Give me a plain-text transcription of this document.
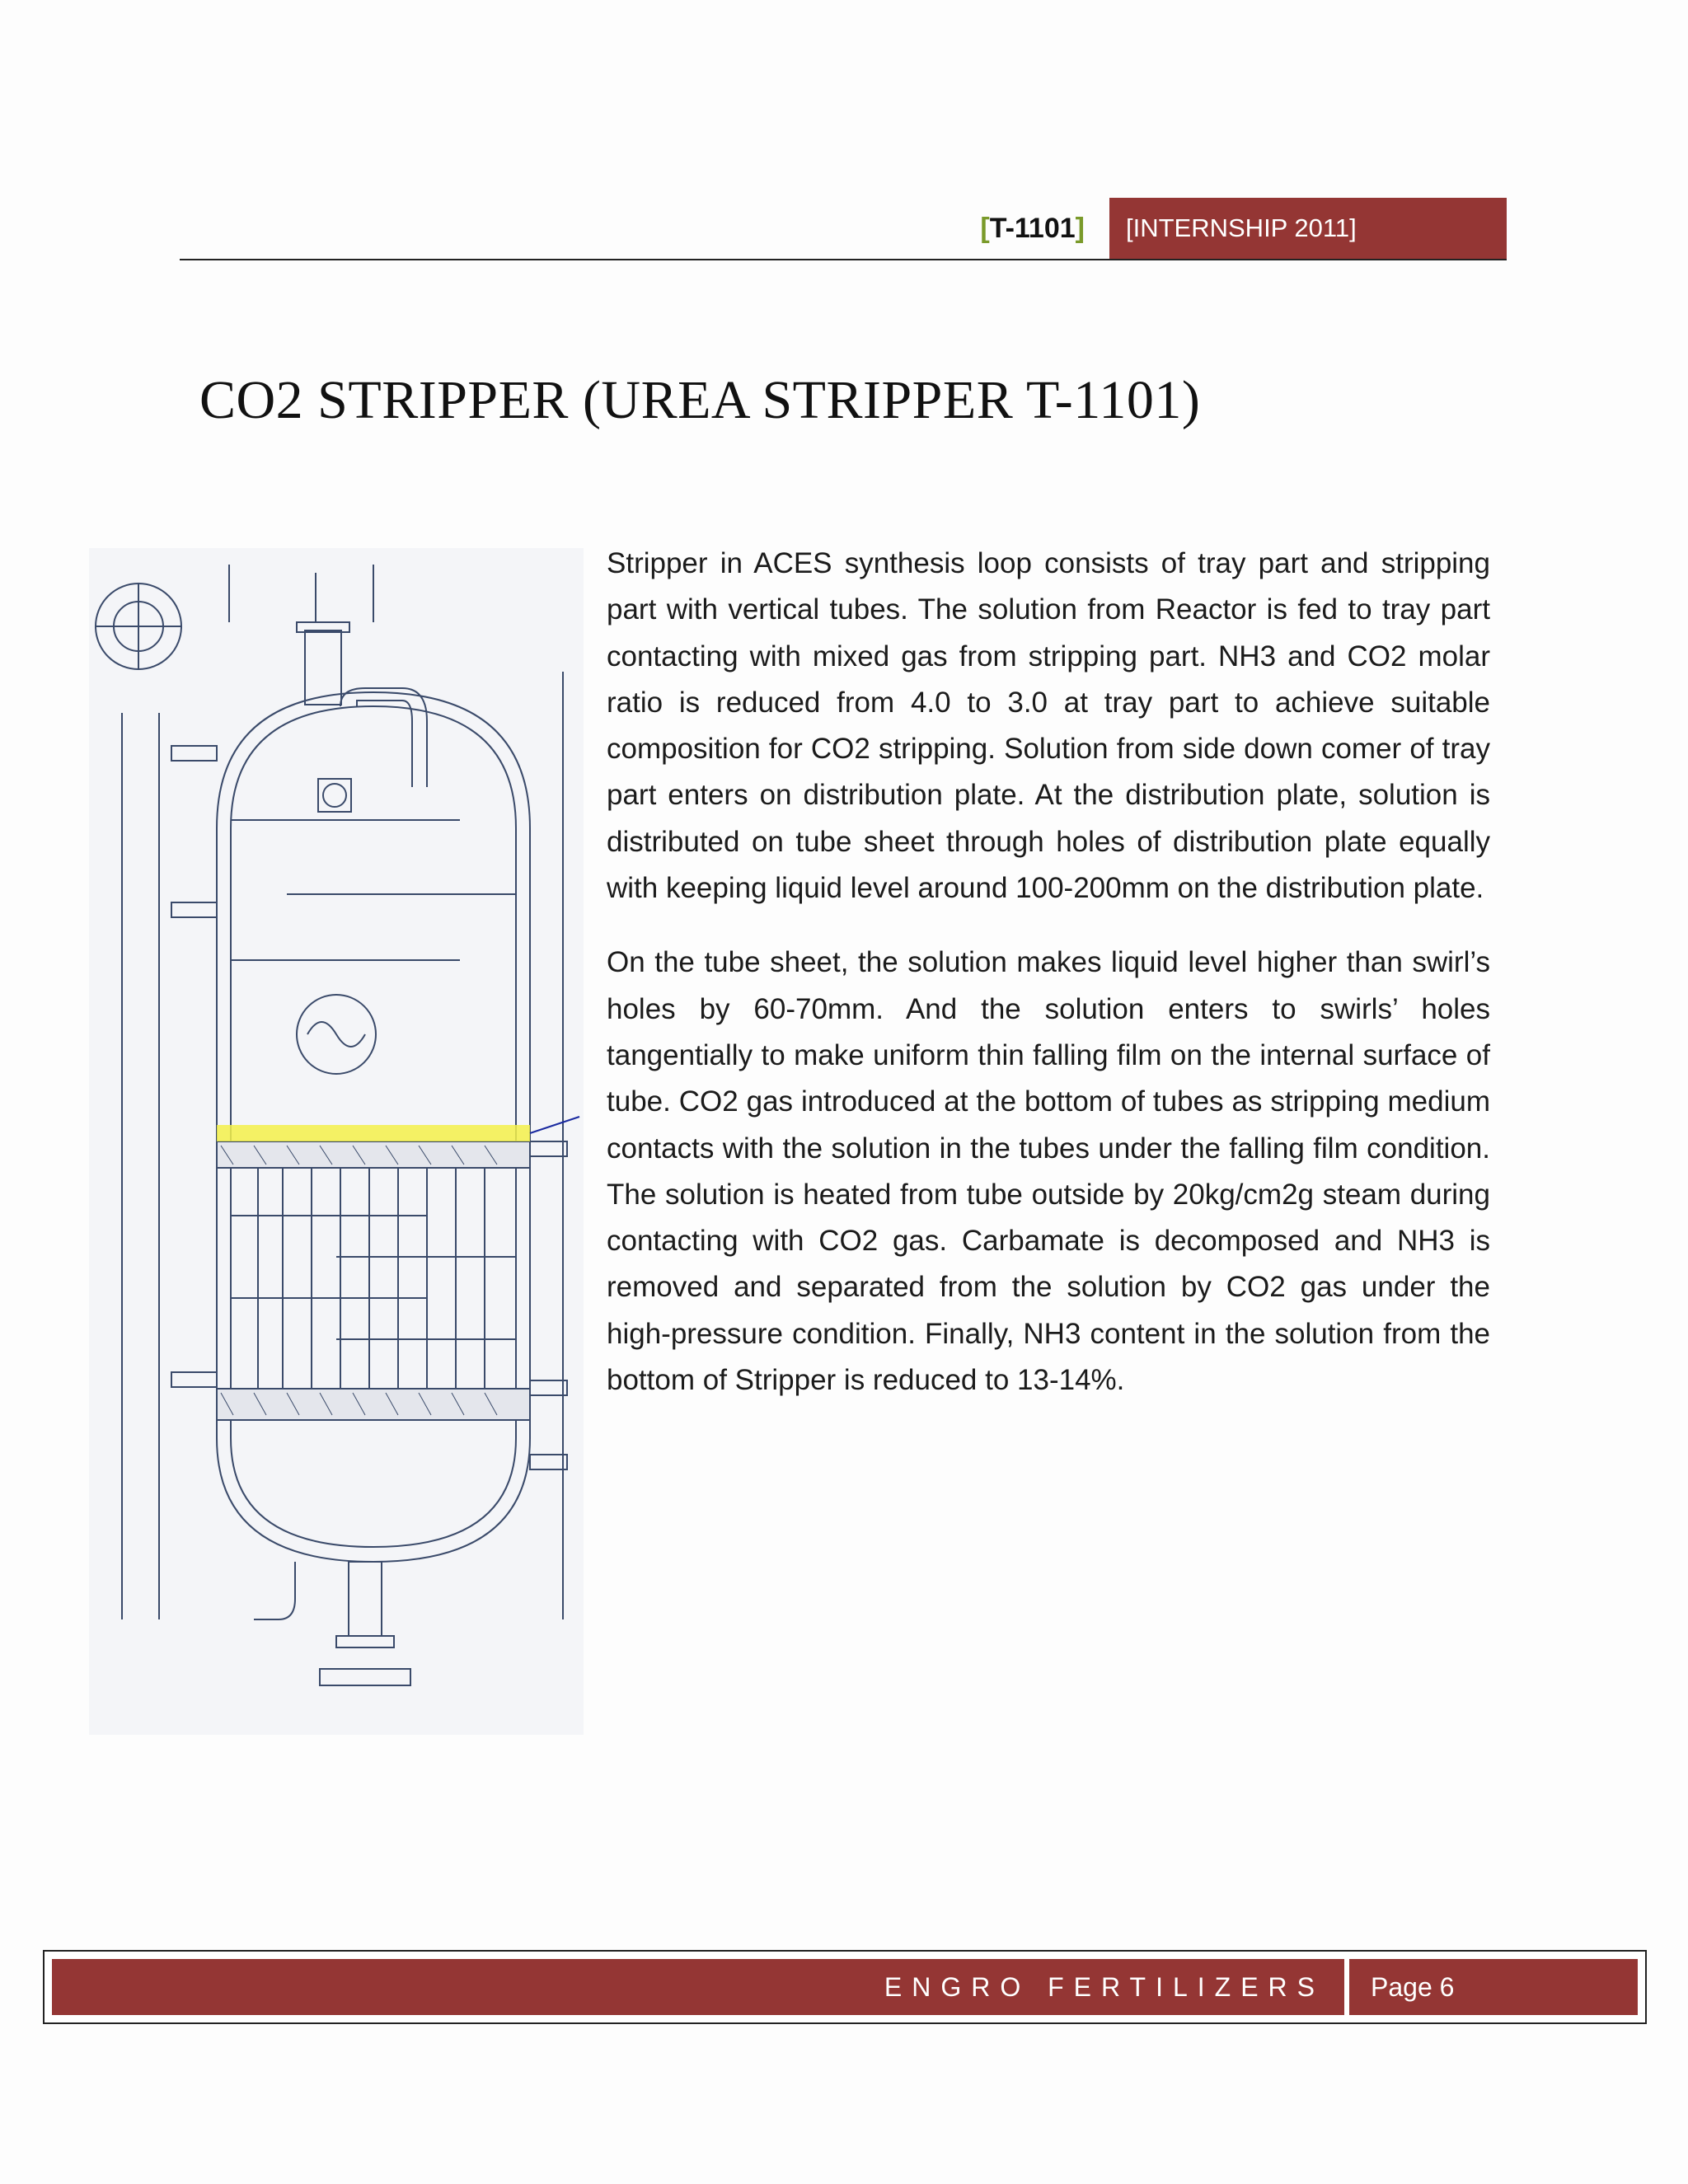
[T-1101]	[INTERNSHIP 2011]
CO2 STRIPPER (UREA STRIPPER T-1101)

Stripper in ACES synthesis loop consists of tray part and stripping part with vertical tubes. The solution from Reactor is fed to tray part contacting with mixed gas from stripping part. NH3 and CO2 molar ratio is reduced from 4.0 to 3.0 at tray part to achieve suitable composition for CO2 stripping. Solution from side down comer of tray part enters on distribution plate. At the distribution plate, solution is distributed on tube sheet through holes of distribution plate equally with keeping liquid level around 100-200mm on the distribution plate.

On the tube sheet, the solution makes liquid level higher than swirl’s holes by 60-70mm. And the solution enters to swirls’ holes tangentially to make uniform thin falling film on the internal surface of tube. CO2 gas introduced at the bottom of tubes as stripping medium contacts with the solution in the tubes under the falling film condition. The solution is heated from tube outside by 20kg/cm2g steam during contacting with CO2 gas. Carbamate is decomposed and NH3 is removed and separated from the solution by CO2 gas under the high-pressure condition. Finally, NH3 content in the solution from the bottom of Stripper is reduced to 13-14%.

ENGRO FERTILIZERS	Page 6
